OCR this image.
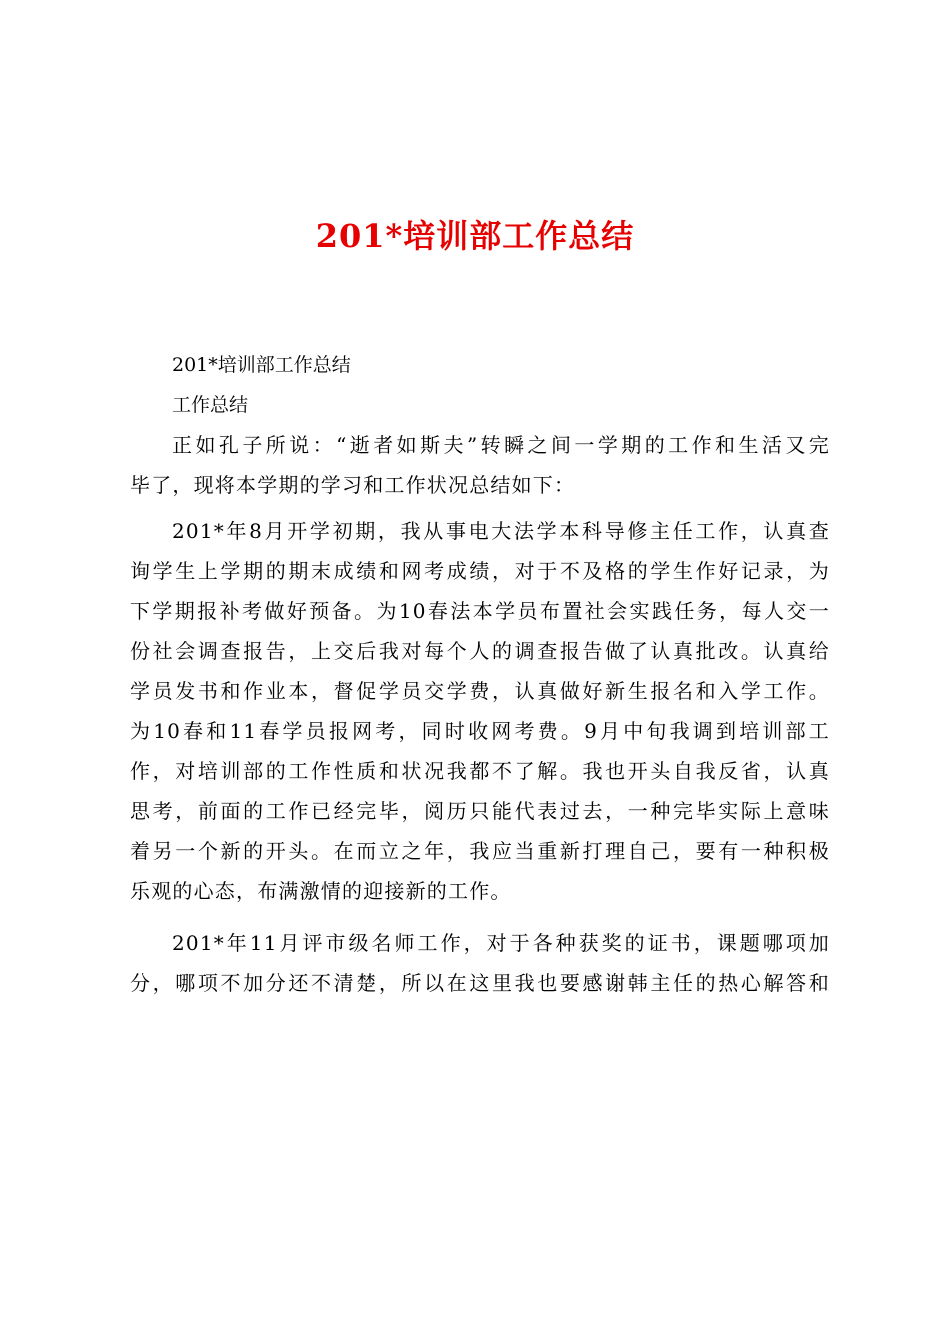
201*培训部工作总结
201*培训部工作总结
工作总结
正如孔子所说：“逝者如斯夫”转瞬之间一学期的工作和生活又完
毕了，现将本学期的学习和工作状况总结如下：
201*年8月开学初期，我从事电大法学本科导修主任工作，认真查
询学生上学期的期末成绩和网考成绩，对于不及格的学生作好记录，为
下学期报补考做好预备。为10春法本学员布置社会实践任务，每人交一
份社会调查报告，上交后我对每个人的调查报告做了认真批改。认真给
学员发书和作业本，督促学员交学费，认真做好新生报名和入学工作。
为10春和11春学员报网考，同时收网考费。9月中旬我调到培训部工
作，对培训部的工作性质和状况我都不了解。我也开头自我反省，认真
思考，前面的工作已经完毕，阅历只能代表过去，一种完毕实际上意味
着另一个新的开头。在而立之年，我应当重新打理自己，要有一种积极
乐观的心态，布满激情的迎接新的工作。
201*年11月评市级名师工作，对于各种获奖的证书，课题哪项加
分，哪项不加分还不清楚，所以在这里我也要感谢韩主任的热心解答和
